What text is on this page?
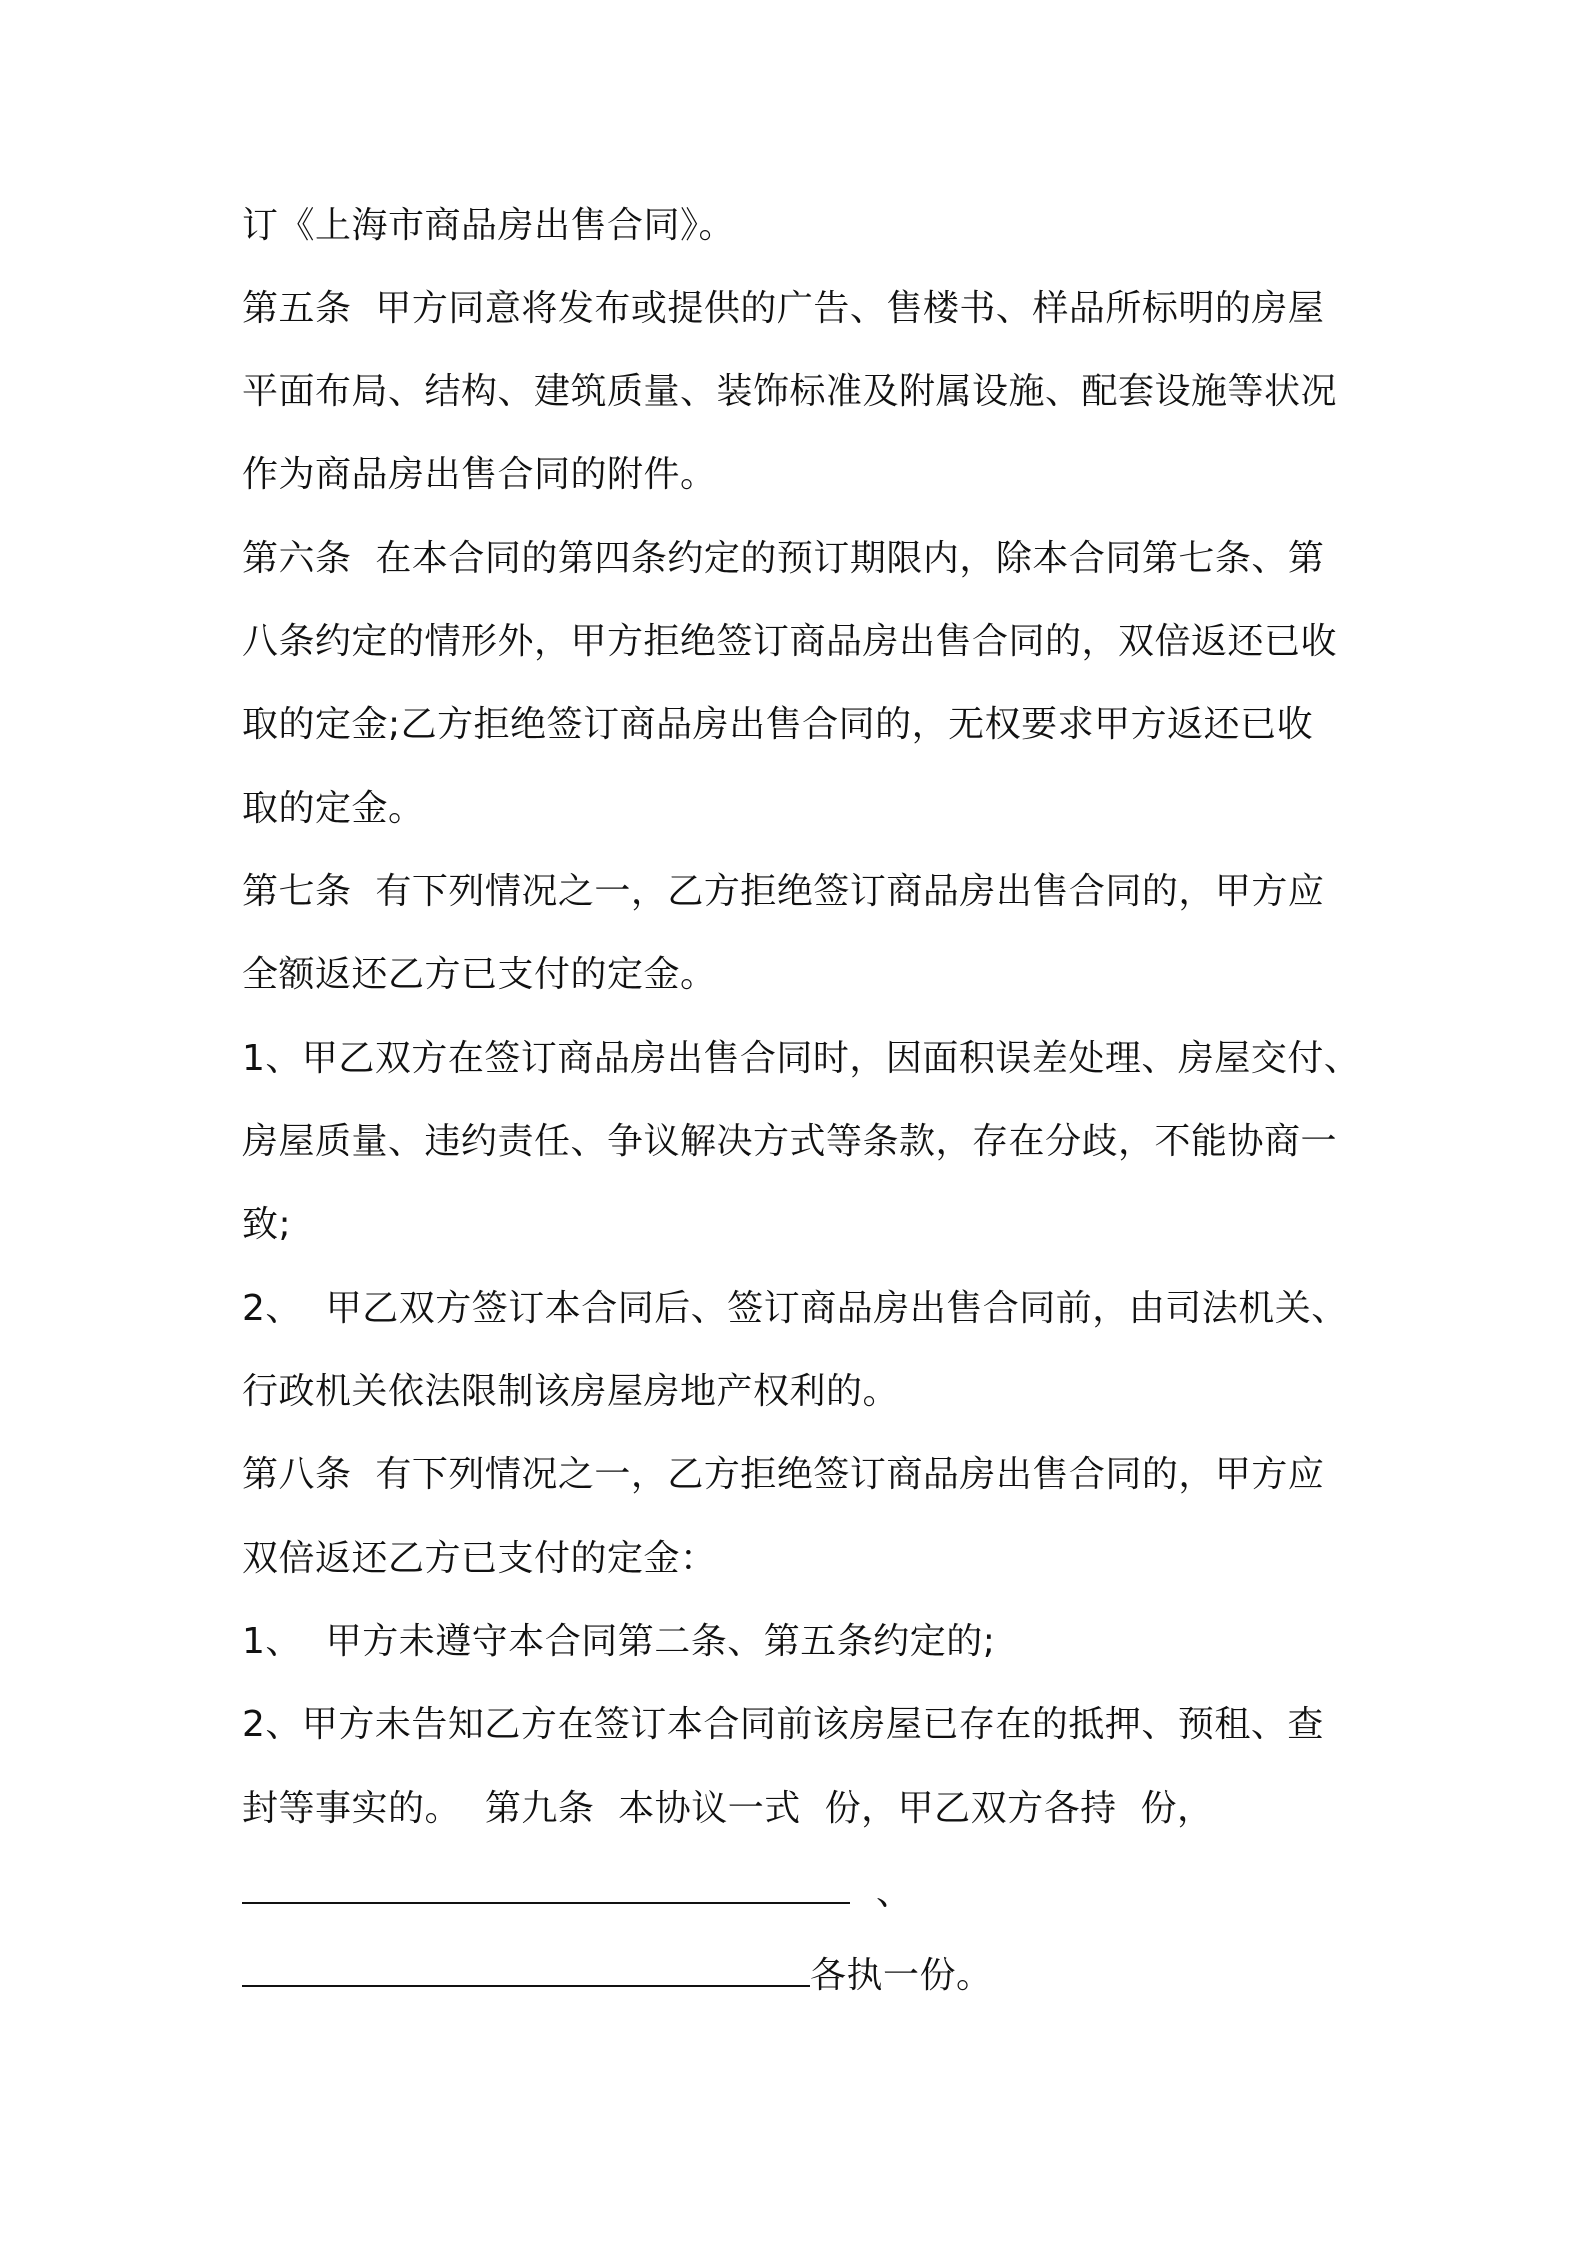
订《上海市商品房出售合同》。

第五条  甲方同意将发布或提供的广告、售楼书、样品所标明的房屋

平面布局、结构、建筑质量、装饰标准及附属设施、配套设施等状况

作为商品房出售合同的附件。

第六条  在本合同的第四条约定的预订期限内，除本合同第七条、第

八条约定的情形外，甲方拒绝签订商品房出售合同的，双倍返还已收

取的定金;乙方拒绝签订商品房出售合同的，无权要求甲方返还已收

取的定金。

第七条  有下列情况之一，乙方拒绝签订商品房出售合同的，甲方应

全额返还乙方已支付的定金。

1、甲乙双方在签订商品房出售合同时，因面积误差处理、房屋交付、

房屋质量、违约责任、争议解决方式等条款，存在分歧，不能协商一

致;

2、  甲乙双方签订本合同后、签订商品房出售合同前，由司法机关、

行政机关依法限制该房屋房地产权利的。

第八条  有下列情况之一，乙方拒绝签订商品房出售合同的，甲方应

双倍返还乙方已支付的定金：

1、  甲方未遵守本合同第二条、第五条约定的;

2、甲方未告知乙方在签订本合同前该房屋已存在的抵押、预租、查

封等事实的。  第九条  本协议一式  份，甲乙双方各持  份，

、

各执一份。
